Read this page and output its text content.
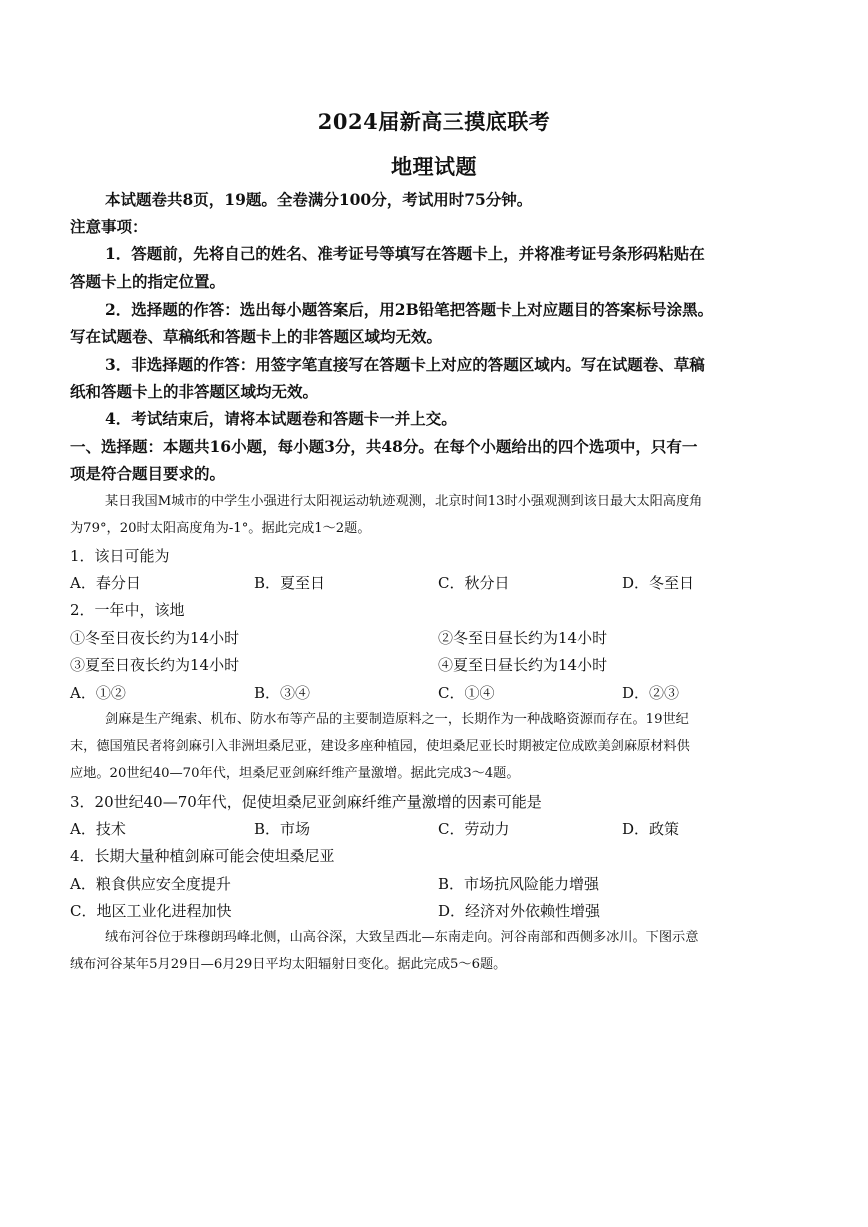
2024届新高三摸底联考
地理试题
本试题卷共8页，19题。全卷满分100分，考试用时75分钟。
注意事项：
1．答题前，先将自己的姓名、准考证号等填写在答题卡上，并将准考证号条形码粘贴在
答题卡上的指定位置。
2．选择题的作答：选出每小题答案后，用2B铅笔把答题卡上对应题目的答案标号涂黑。
写在试题卷、草稿纸和答题卡上的非答题区域均无效。
3．非选择题的作答：用签字笔直接写在答题卡上对应的答题区域内。写在试题卷、草稿
纸和答题卡上的非答题区域均无效。
4．考试结束后，请将本试题卷和答题卡一并上交。
一、选择题：本题共16小题，每小题3分，共48分。在每个小题给出的四个选项中，只有一
项是符合题目要求的。
某日我国M城市的中学生小强进行太阳视运动轨迹观测，北京时间13时小强观测到该日最大太阳高度角
为79°，20时太阳高度角为-1°。据此完成1～2题。
1．该日可能为
A．春分日	B．夏至日	C．秋分日	D．冬至日
2．一年中，该地
①冬至日夜长约为14小时	②冬至日昼长约为14小时
③夏至日夜长约为14小时	④夏至日昼长约为14小时
A．①②	B．③④	C．①④	D．②③
剑麻是生产绳索、机布、防水布等产品的主要制造原料之一，长期作为一种战略资源而存在。19世纪
末，德国殖民者将剑麻引入非洲坦桑尼亚，建设多座种植园，使坦桑尼亚长时期被定位成欧美剑麻原材料供
应地。20世纪40—70年代，坦桑尼亚剑麻纤维产量激增。据此完成3～4题。
3．20世纪40—70年代，促使坦桑尼亚剑麻纤维产量激增的因素可能是
A．技术	B．市场	C．劳动力	D．政策
4．长期大量种植剑麻可能会使坦桑尼亚
A．粮食供应安全度提升	B．市场抗风险能力增强
C．地区工业化进程加快	D．经济对外依赖性增强
绒布河谷位于珠穆朗玛峰北侧，山高谷深，大致呈西北—东南走向。河谷南部和西侧多冰川。下图示意
绒布河谷某年5月29日—6月29日平均太阳辐射日变化。据此完成5～6题。
